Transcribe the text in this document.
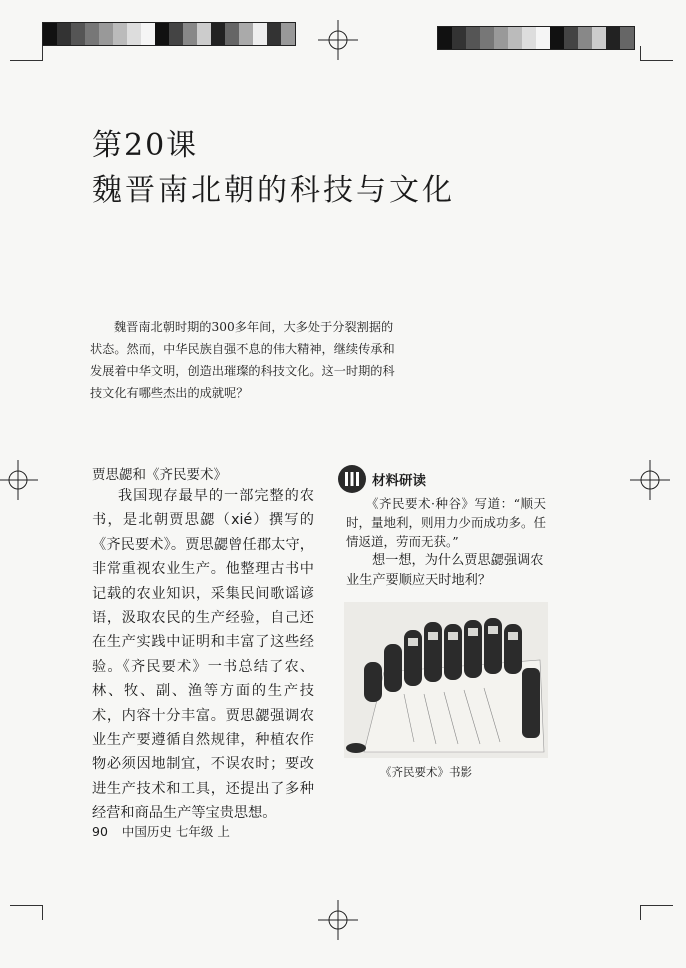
第20课
魏晋南北朝的科技与文化
魏晋南北朝时期的300多年间，大多处于分裂割据的状态。然而，中华民族自强不息的伟大精神，继续传承和发展着中华文明，创造出璀璨的科技文化。这一时期的科技文化有哪些杰出的成就呢？
贾思勰和《齐民要术》
我国现存最早的一部完整的农书，是北朝贾思勰（xié）撰写的《齐民要术》。贾思勰曾任郡太守，非常重视农业生产。他整理古书中记载的农业知识，采集民间歌谣谚语，汲取农民的生产经验，自己还在生产实践中证明和丰富了这些经验。《齐民要术》一书总结了农、林、牧、副、渔等方面的生产技术，内容十分丰富。贾思勰强调农业生产要遵循自然规律，种植农作物必须因地制宜，不误农时；要改进生产技术和工具，还提出了多种经营和商品生产等宝贵思想。
材料研读
《齐民要术·种谷》写道：“顺天时，量地利，则用力少而成功多。任情返道，劳而无获。”
想一想，为什么贾思勰强调农业生产要顺应天时地利？
《齐民要术》书影
90 中国历史 七年级 上
